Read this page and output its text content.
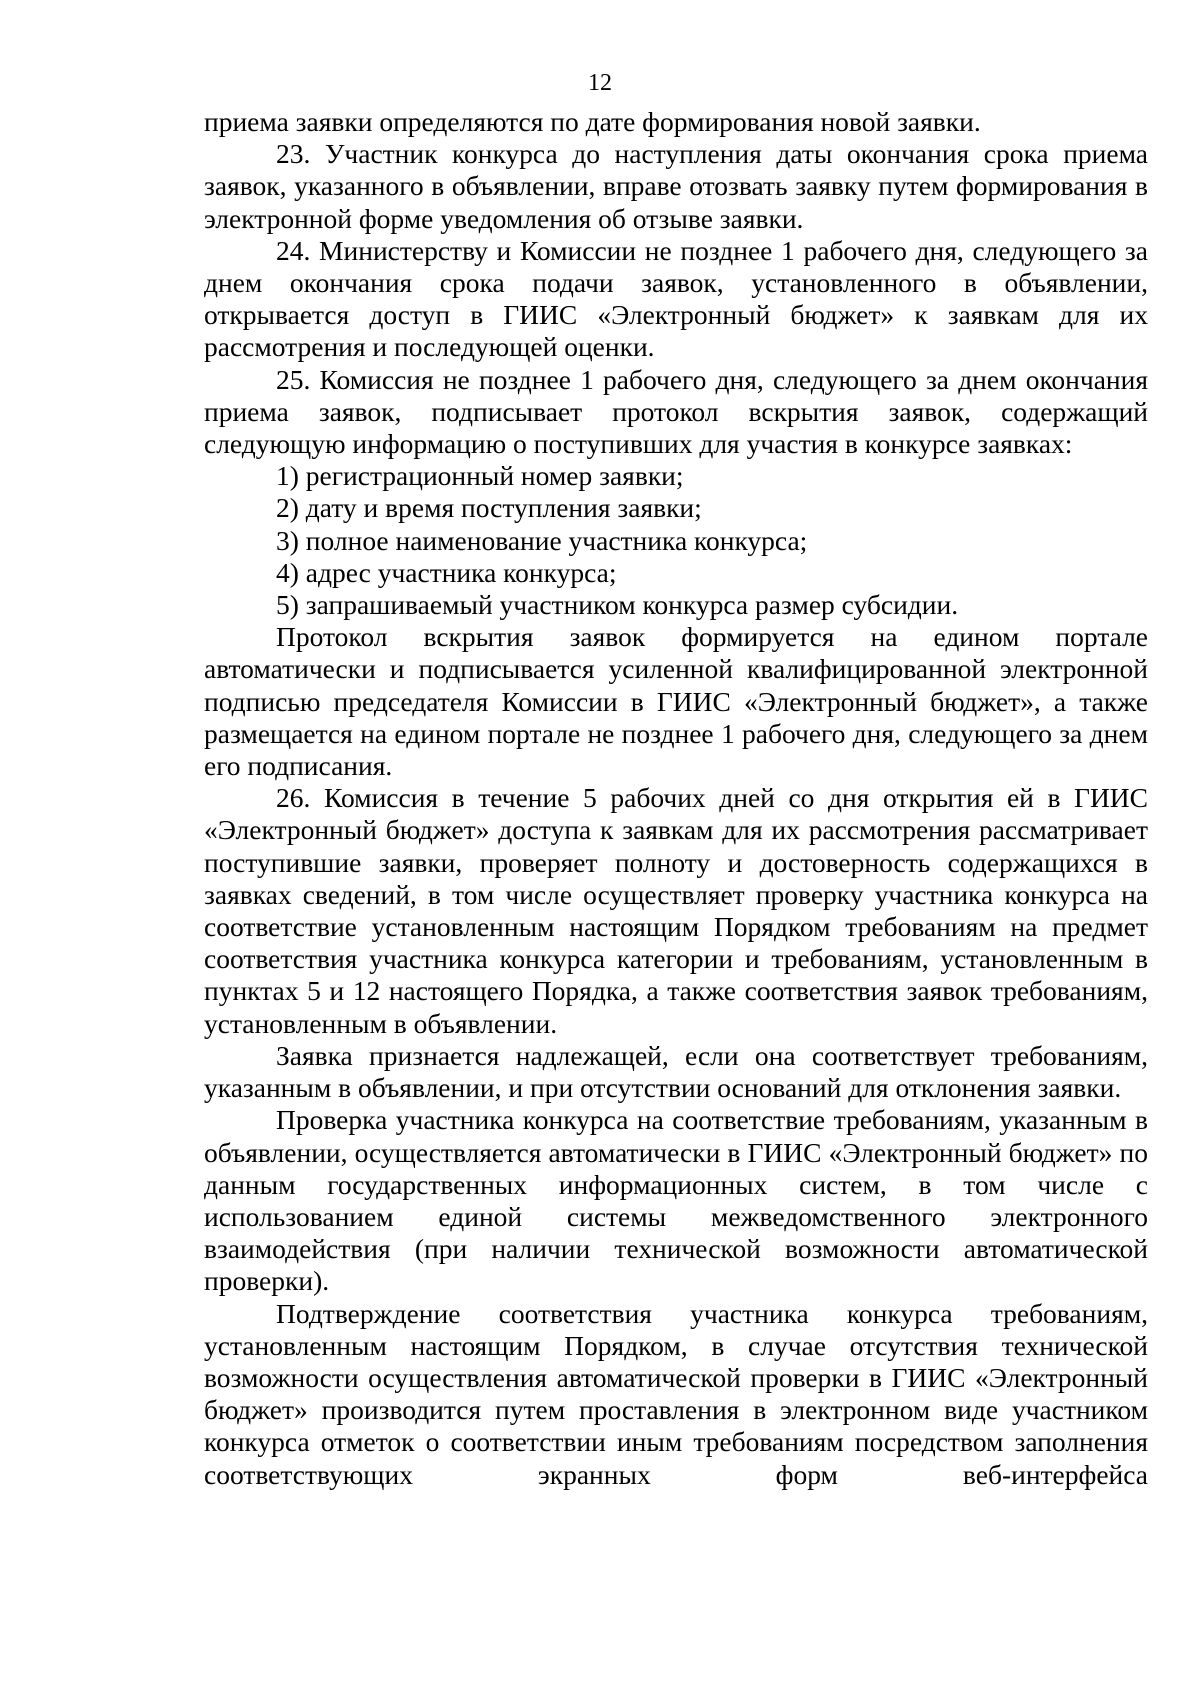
12

приема заявки определяются по дате формирования новой заявки.

23. Участник конкурса до наступления даты окончания срока приема заявок, указанного в объявлении, вправе отозвать заявку путем формирования в электронной форме уведомления об отзыве заявки.

24. Министерству и Комиссии не позднее 1 рабочего дня, следующего за днем окончания срока подачи заявок, установленного в объявлении, открывается доступ в ГИИС «Электронный бюджет» к заявкам для их рассмотрения и последующей оценки.

25. Комиссия не позднее 1 рабочего дня, следующего за днем окончания приема заявок, подписывает протокол вскрытия заявок, содержащий следующую информацию о поступивших для участия в конкурсе заявках:

1) регистрационный номер заявки;

2) дату и время поступления заявки;

3) полное наименование участника конкурса;

4) адрес участника конкурса;

5) запрашиваемый участником конкурса размер субсидии.

Протокол вскрытия заявок формируется на едином портале автоматически и подписывается усиленной квалифицированной электронной подписью председателя Комиссии в ГИИС «Электронный бюджет», а также размещается на едином портале не позднее 1 рабочего дня, следующего за днем его подписания.

26. Комиссия в течение 5 рабочих дней со дня открытия ей в ГИИС «Электронный бюджет» доступа к заявкам для их рассмотрения рассматривает поступившие заявки, проверяет полноту и достоверность содержащихся в заявках сведений, в том числе осуществляет проверку участника конкурса на соответствие установленным настоящим Порядком требованиям на предмет соответствия участника конкурса категории и требованиям, установленным в пунктах 5 и 12 настоящего Порядка, а также соответствия заявок требованиям, установленным в объявлении.

Заявка признается надлежащей, если она соответствует требованиям, указанным в объявлении, и при отсутствии оснований для отклонения заявки.

Проверка участника конкурса на соответствие требованиям, указанным в объявлении, осуществляется автоматически в ГИИС «Электронный бюджет» по данным государственных информационных систем, в том числе с использованием единой системы межведомственного электронного взаимодействия (при наличии технической возможности автоматической проверки).

Подтверждение соответствия участника конкурса требованиям, установленным настоящим Порядком, в случае отсутствия технической возможности осуществления автоматической проверки в ГИИС «Электронный бюджет» производится путем проставления в электронном виде участником конкурса отметок о соответствии иным требованиям посредством заполнения соответствующих экранных форм веб-интерфейса
